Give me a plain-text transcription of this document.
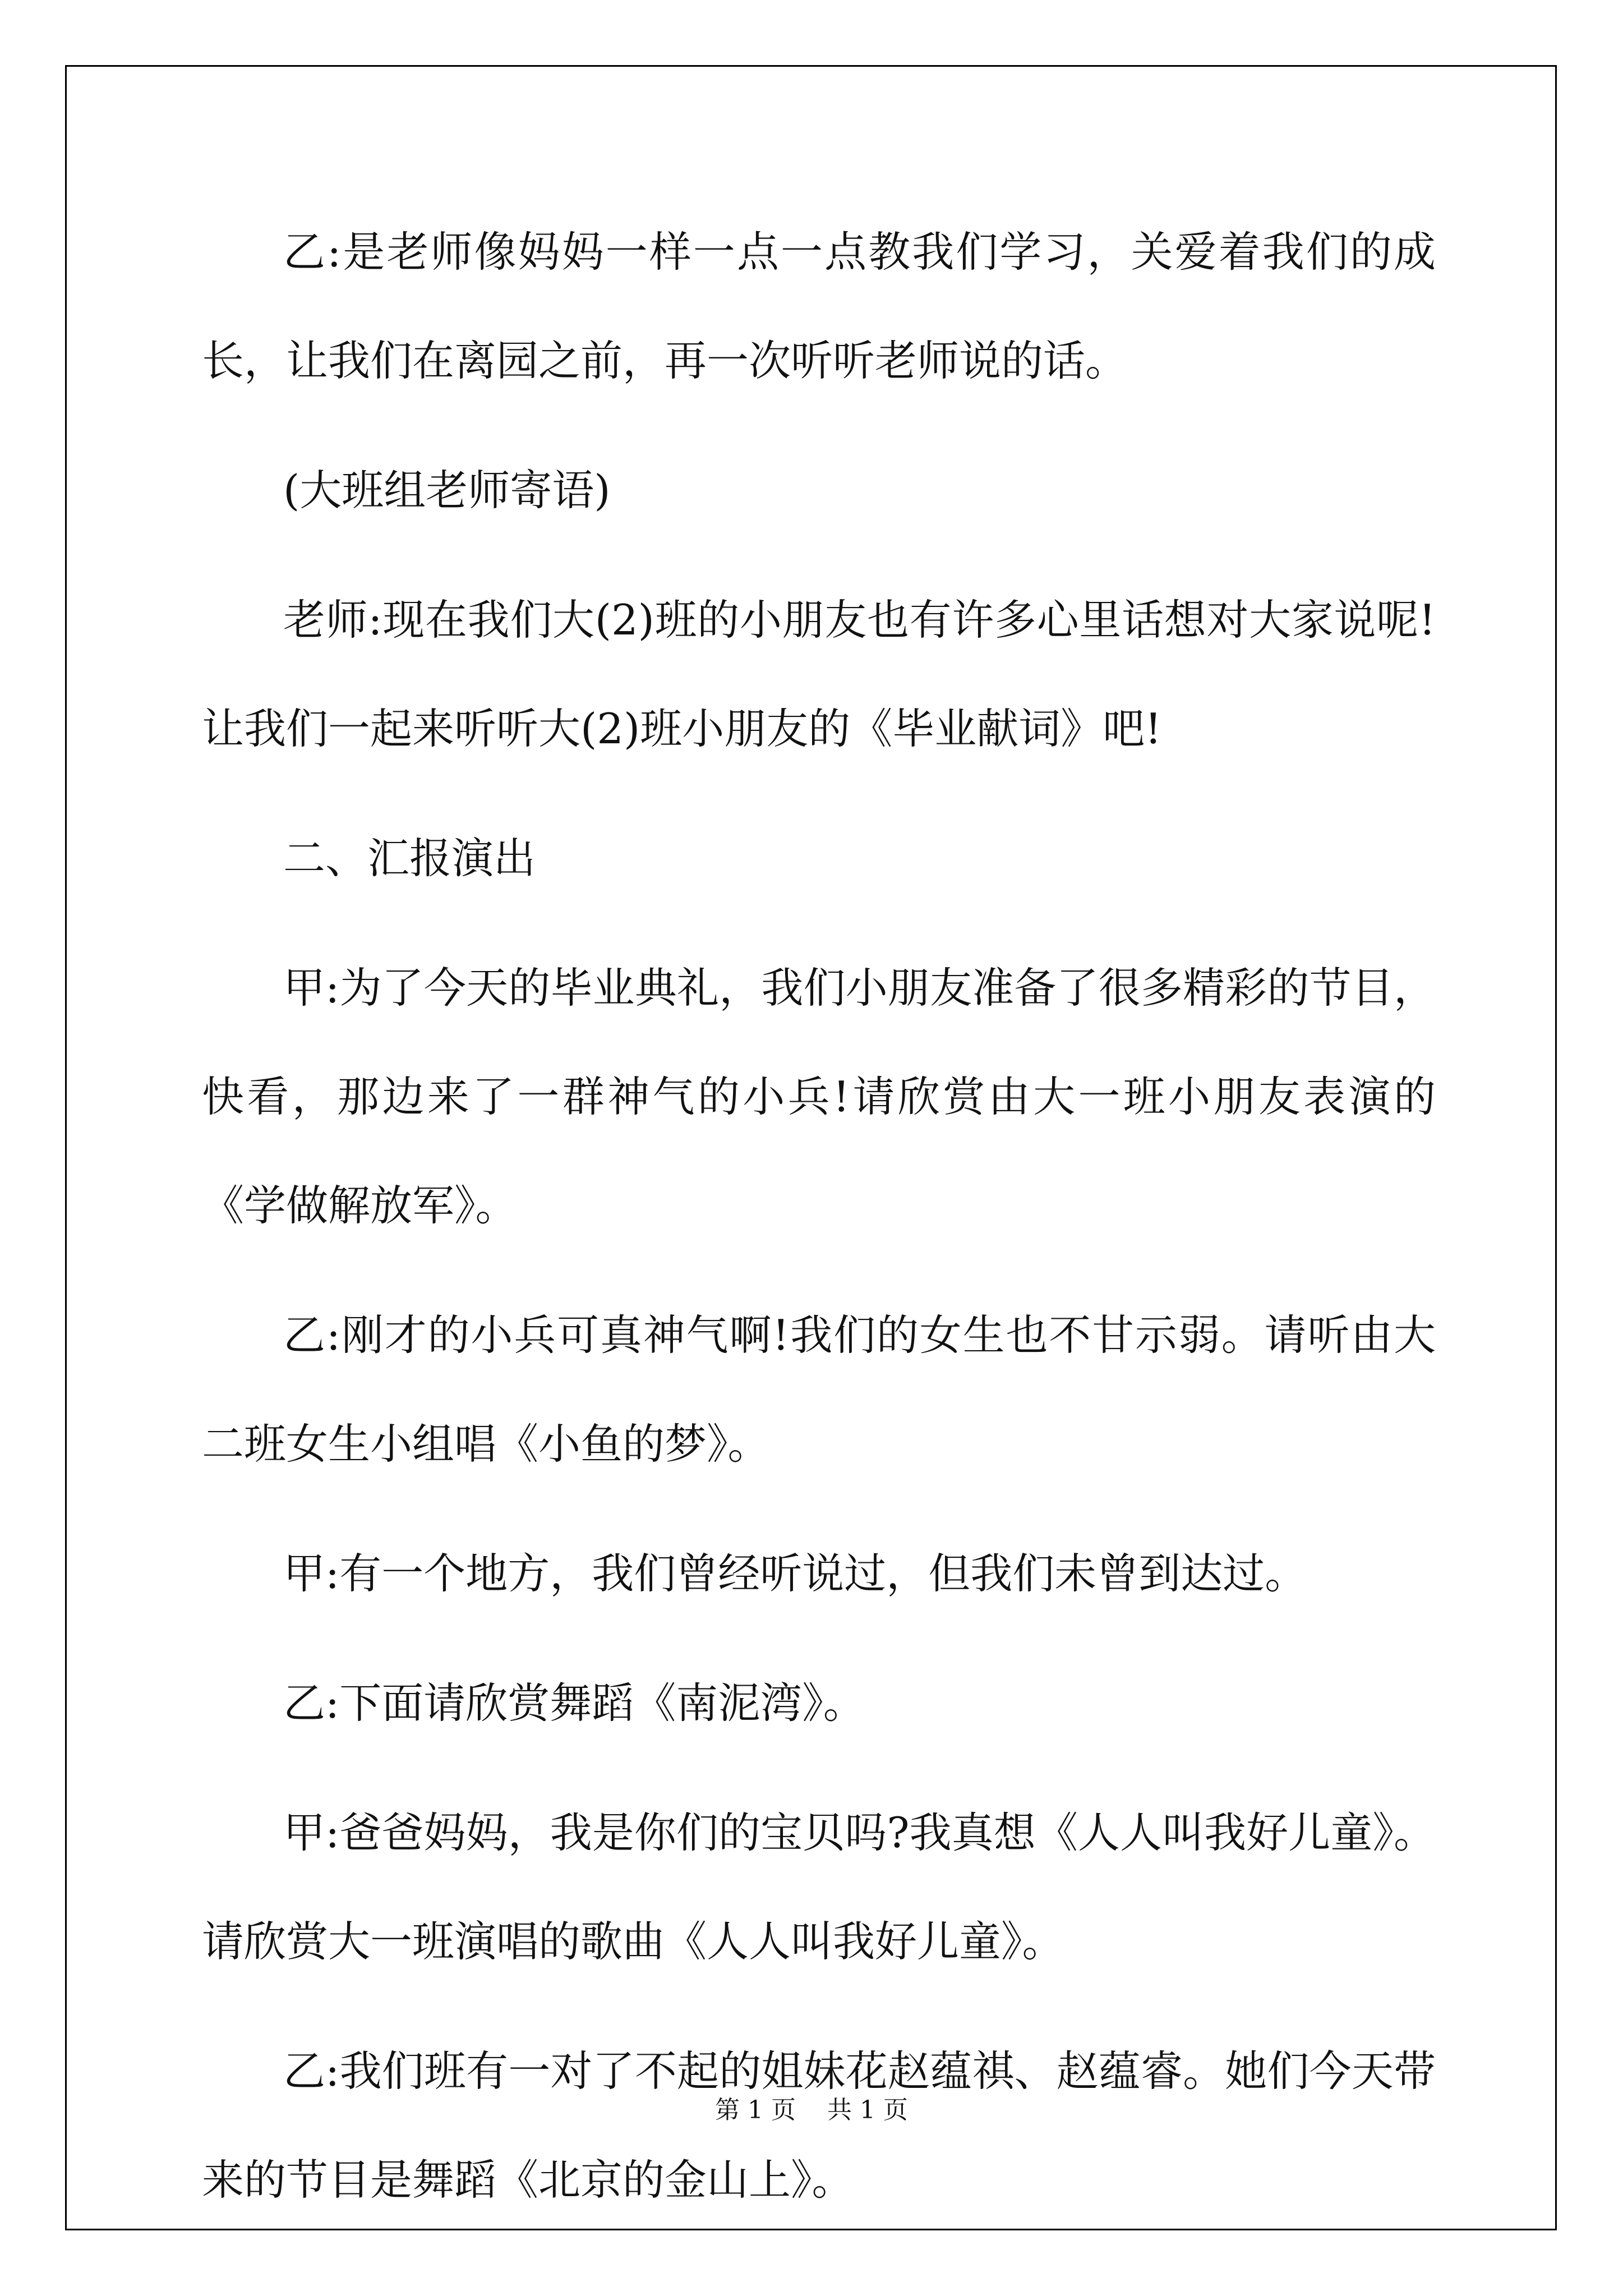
乙:是老师像妈妈一样一点一点教我们学习，关爱着我们的成长，让我们在离园之前，再一次听听老师说的话。

(大班组老师寄语)

老师:现在我们大(2)班的小朋友也有许多心里话想对大家说呢!让我们一起来听听大(2)班小朋友的《毕业献词》吧!

二、汇报演出

甲:为了今天的毕业典礼，我们小朋友准备了很多精彩的节目，快看，那边来了一群神气的小兵!请欣赏由大一班小朋友表演的《学做解放军》。

乙:刚才的小兵可真神气啊!我们的女生也不甘示弱。请听由大二班女生小组唱《小鱼的梦》。

甲:有一个地方，我们曾经听说过，但我们未曾到达过。

乙:下面请欣赏舞蹈《南泥湾》。

甲:爸爸妈妈，我是你们的宝贝吗?我真想《人人叫我好儿童》。请欣赏大一班演唱的歌曲《人人叫我好儿童》。

乙:我们班有一对了不起的姐妹花赵蕴祺、赵蕴睿。她们今天带来的节目是舞蹈《北京的金山上》。

第 1 页    共 1 页
